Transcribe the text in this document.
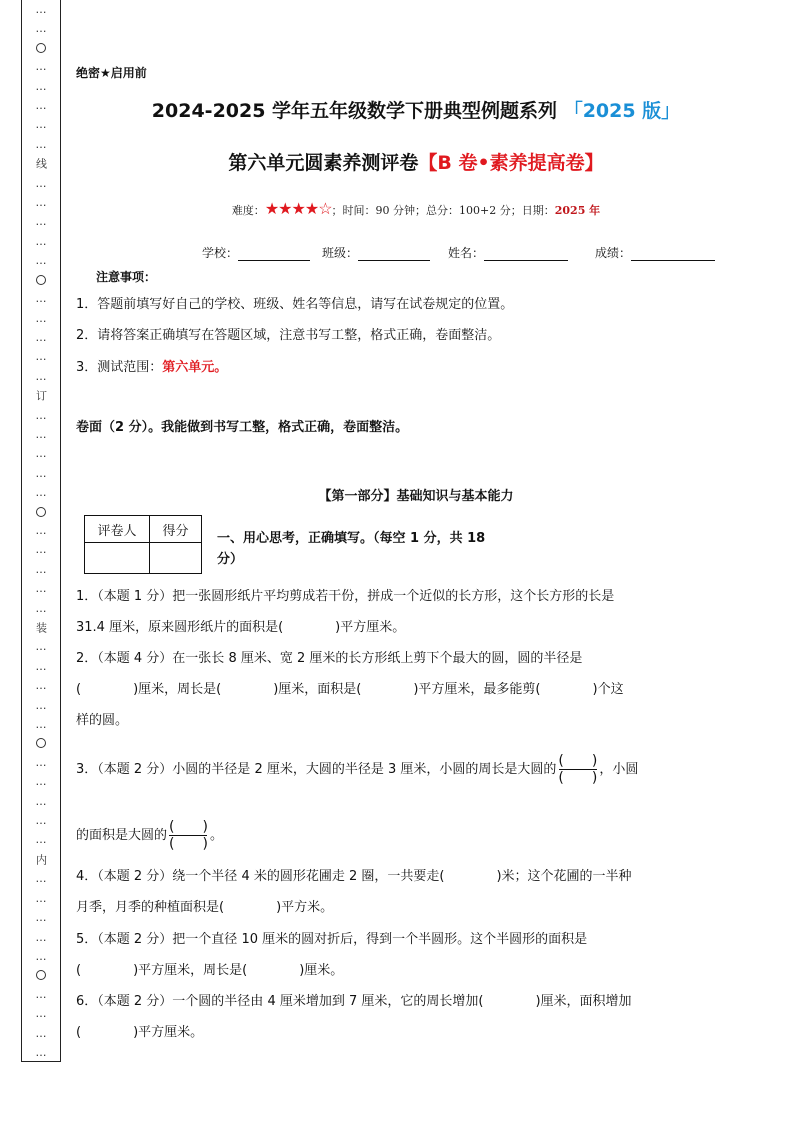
…
…
…
…
…
…
…
线
…
…
…
…
…
…
…
…
…
…
订
…
…
…
…
…
…
…
…
…
…
装
…
…
…
…
…
…
…
…
…
…
内
…
…
…
…
…
…
…
…
…
绝密★启用前
2024-2025 学年五年级数学下册典型例题系列 「2025 版」
第六单元圆素养测评卷【B 卷•素养提高卷】
难度：★★★★☆；时间：90 分钟；总分：100+2 分；日期：2025 年
学校：	班级：	姓名：	成绩：
注意事项：
1．答题前填写好自己的学校、班级、姓名等信息，请写在试卷规定的位置。
2．请将答案正确填写在答题区域，注意书写工整，格式正确，卷面整洁。
3．测试范围：第六单元。
卷面（2 分）。我能做到书写工整，格式正确，卷面整洁。
【第一部分】基础知识与基本能力
评卷人	得分
	一、用心思考，正确填写。（每空 1 分，共 18
分）
1．（本题 1 分）把一张圆形纸片平均剪成若干份，拼成一个近似的长方形，这个长方形的长是
31.4 厘米，原来圆形纸片的面积是(　　　　)平方厘米。
2．（本题 4 分）在一张长 8 厘米、宽 2 厘米的长方形纸上剪下个最大的圆，圆的半径是
(　　　　)厘米，周长是(　　　　)厘米，面积是(　　　　)平方厘米，最多能剪(　　　　)个这
样的圆。
3．（本题 2 分）小圆的半径是 2 厘米，大圆的半径是 3 厘米，小圆的周长是大圆的 $\frac{( )}{( )}$ ，小圆
的面积是大圆的 $\frac{( )}{( )}$ 。
4．（本题 2 分）绕一个半径 4 米的圆形花圃走 2 圈，一共要走(　　　　)米；这个花圃的一半种
月季，月季的种植面积是(　　　　)平方米。
5．（本题 2 分）把一个直径 10 厘米的圆对折后，得到一个半圆形。这个半圆形的面积是
(　　　　)平方厘米，周长是(　　　　)厘米。
6．（本题 2 分）一个圆的半径由 4 厘米增加到 7 厘米，它的周长增加(　　　　)厘米，面积增加
(　　　　)平方厘米。
